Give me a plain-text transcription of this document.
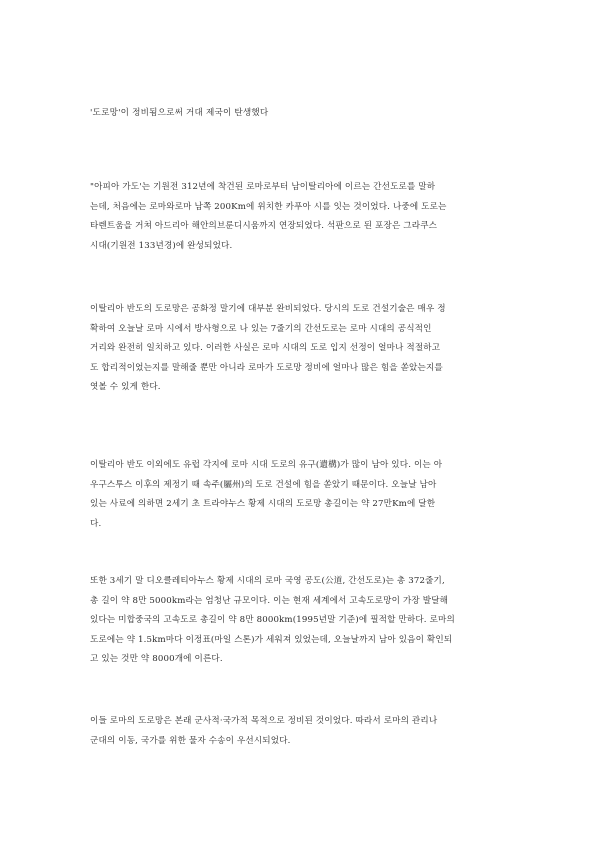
'도로망'이 정비됨으로써 거대 제국이 탄생했다
"아피아 가도'는 기원전 312년에 착건된 로마로부터 남이탈리아에 이르는 간선도로를 말하
는데, 처음에는 로마와로마 남쪽 200Km에 위치한 카푸아 시를 잇는 것이었다. 나중에 도로는
타렌트움을 거쳐 아드리아 해안의브룬디시움까지 연장되었다. 석판으로 된 포장은 그라쿠스
시대(기원전 133년경)에 완성되었다.
이탈리아 반도의 도로망은 공화정 말기에 대부분 완비되었다. 당시의 도로 건설기술은 매우 정
확하여 오늘날 로마 시에서 방사형으로 나 있는 7줄기의 간선도로는 로마 시대의 공식적인
거리와 완전히 일치하고 있다. 이러한 사실은 로마 시대의 도로 입지 선정이 얼마나 적절하고
도 합리적이었는지를 말해줄 뿐만 아니라 로마가 도로망 정비에 얼마나 많은 힘을 쏟았는지를
엿볼 수 있게 한다.
이탈리아 반도 이외에도 유럽 각지에 로마 시대 도로의 유구(遺構)가 많이 남아 있다. 이는 아
우구스투스 이후의 제정기 때 속주(屬州)의 도로 건설에 힘을 쏟았기 때문이다. 오늘날 남아
있는 사료에 의하면 2세기 초 트라야누스 황제 시대의 도로망 총길이는 약 27만Km에 달한
다.
또한 3세기 말 디오클레티아누스 황제 시대의 로마 국영 공도(公道, 간선도로)는 총 372줄기,
총 길이 약 8만 5000km라는 엄청난 규모이다. 이는 현재 세계에서 고속도로망이 가장 발달해
있다는 미합중국의 고속도로 총길이 약 8만 8000km(1995년말 기준)에 필적할 만하다. 로마의
도로에는 약 1.5km마다 이정표(마일 스톤)가 세워져 있었는데, 오늘날까지 남아 있음이 확인되
고 있는 것만 약 8000개에 이른다.
이들 로마의 도로망은 본래 군사적·국가적 목적으로 정비된 것이었다. 따라서 로마의 관리나
군대의 이동, 국가를 위한 물자 수송이 우선시되었다.
